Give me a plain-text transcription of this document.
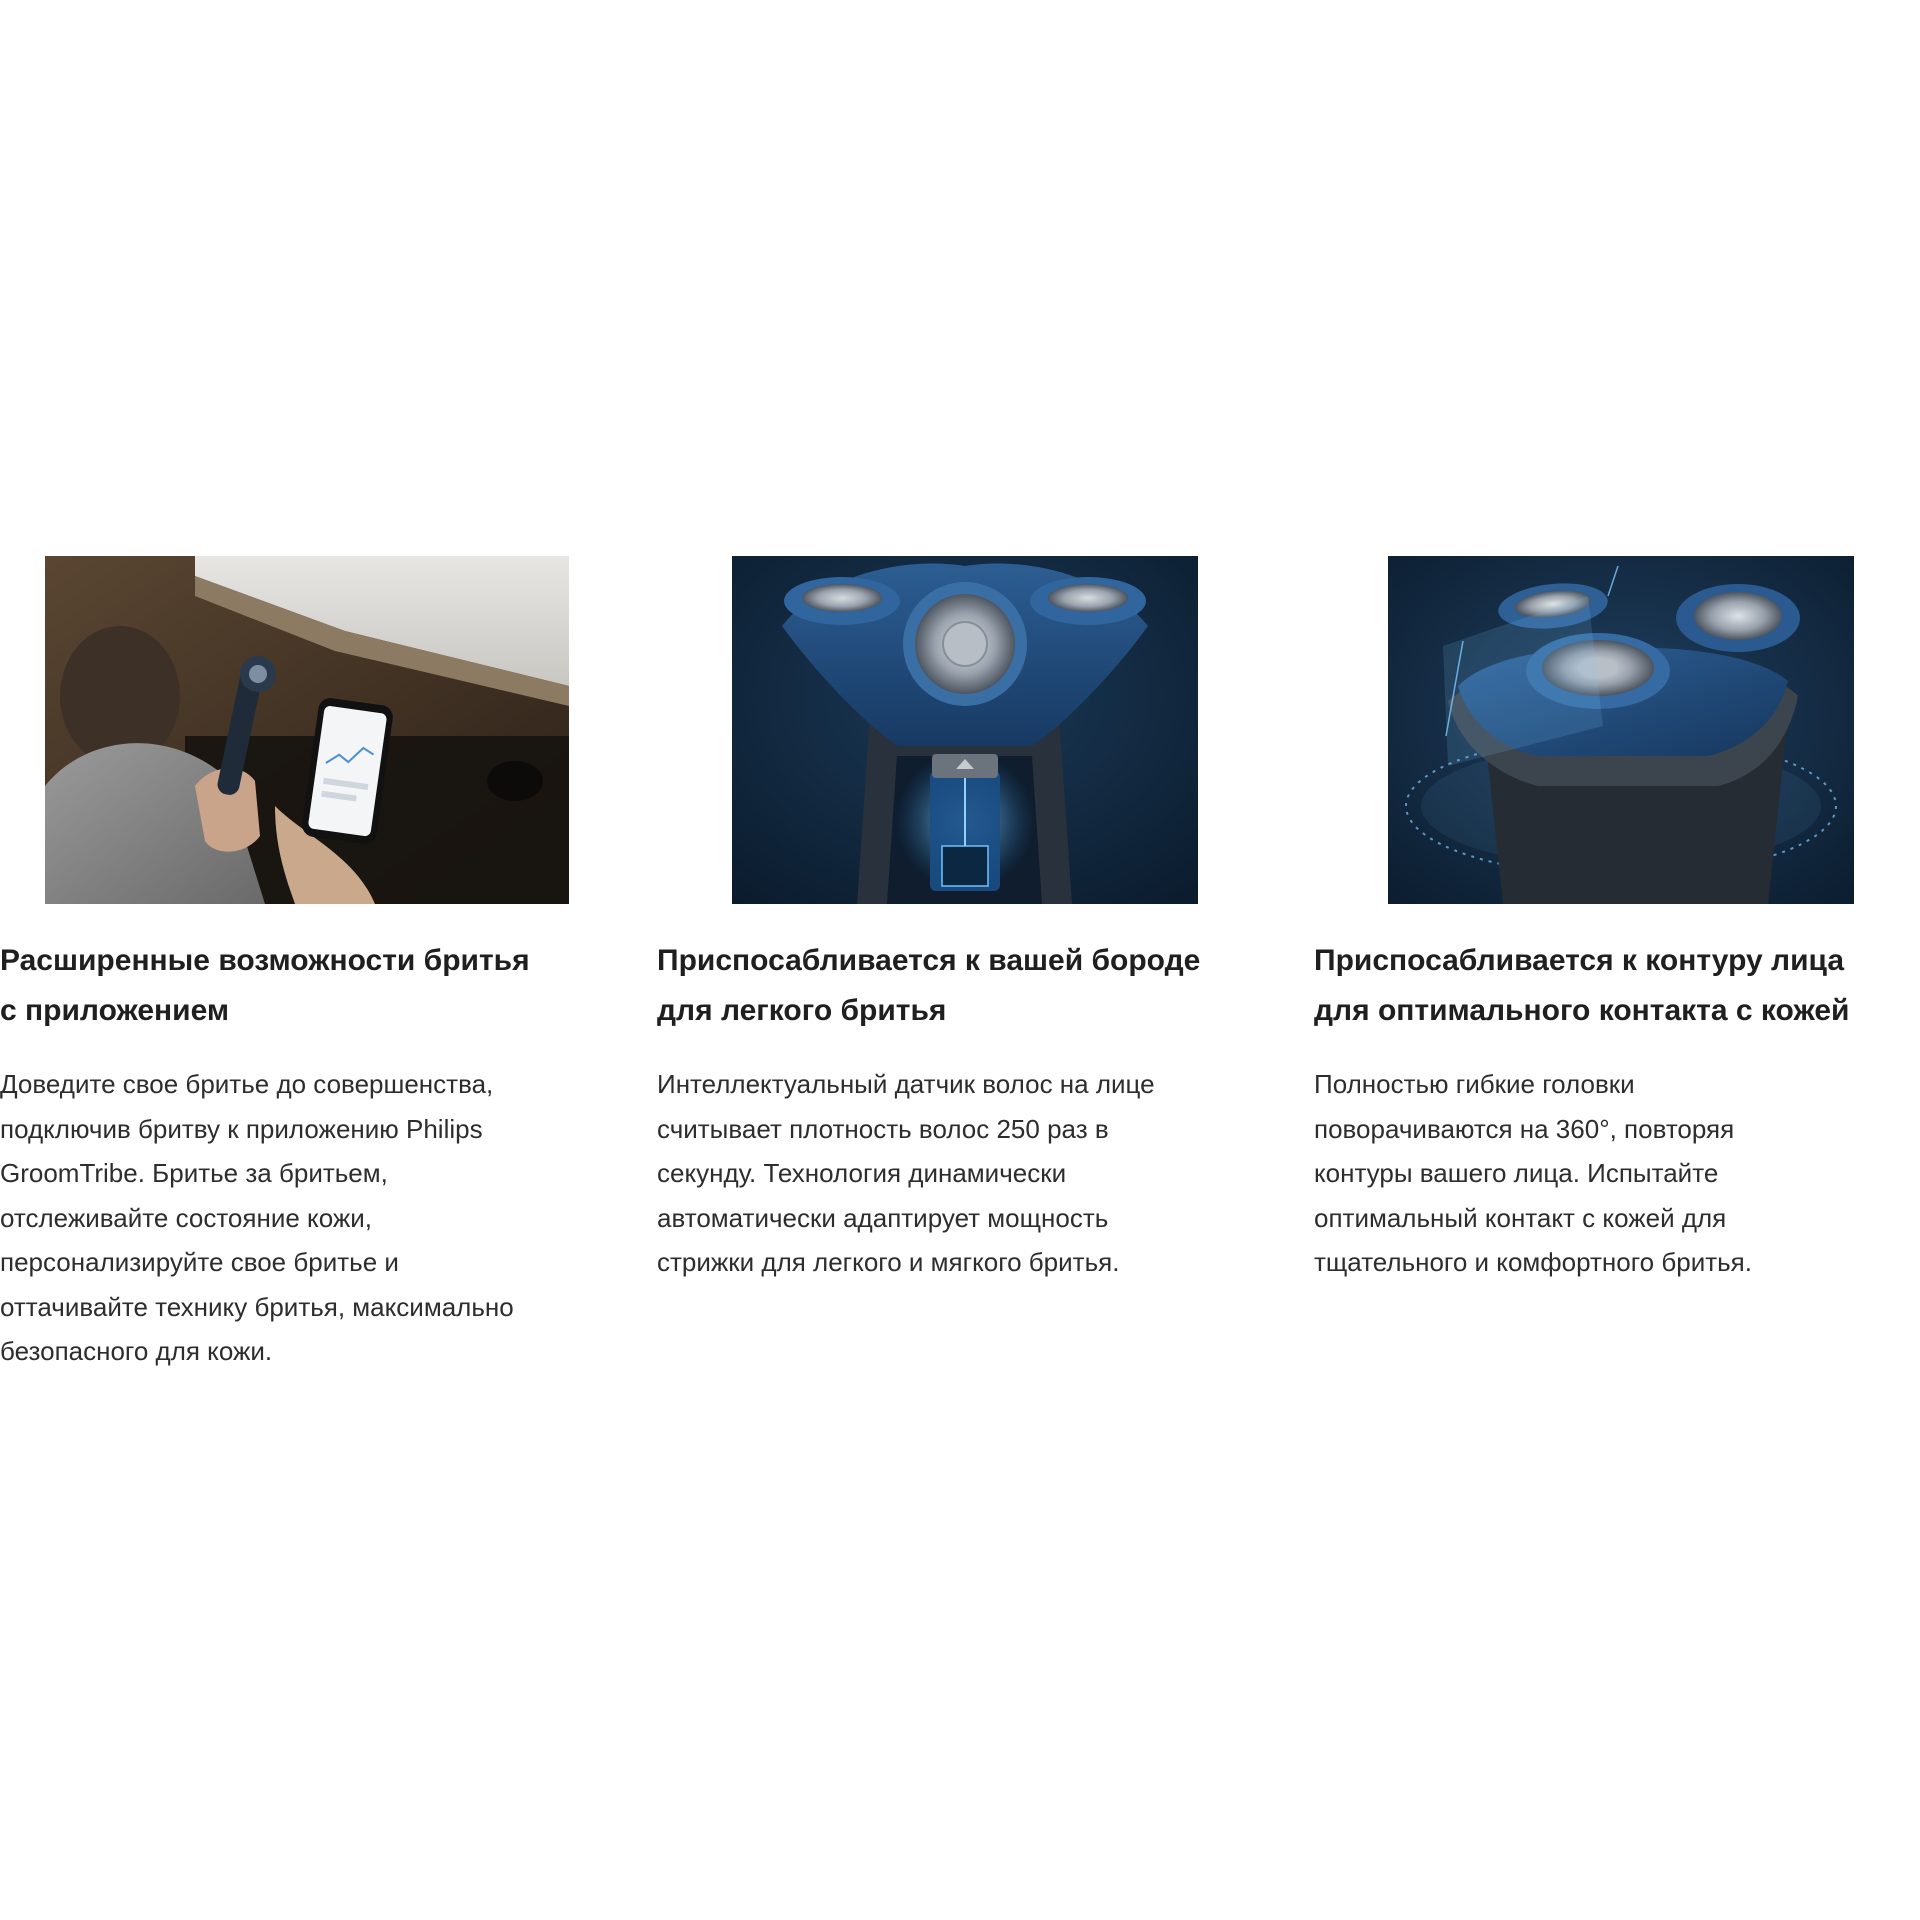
Расширенные возможности бритья
с приложением

Доведите свое бритье до совершенства,
подключив бритву к приложению Philips
GroomTribe. Бритье за бритьем,
отслеживайте состояние кожи,
персонализируйте свое бритье и
оттачивайте технику бритья, максимально
безопасного для кожи.

Приспосабливается к вашей бороде
для легкого бритья

Интеллектуальный датчик волос на лице
считывает плотность волос 250 раз в
секунду. Технология динамически
автоматически адаптирует мощность
стрижки для легкого и мягкого бритья.

Приспосабливается к контуру лица
для оптимального контакта с кожей

Полностью гибкие головки
поворачиваются на 360°, повторяя
контуры вашего лица. Испытайте
оптимальный контакт с кожей для
тщательного и комфортного бритья.
